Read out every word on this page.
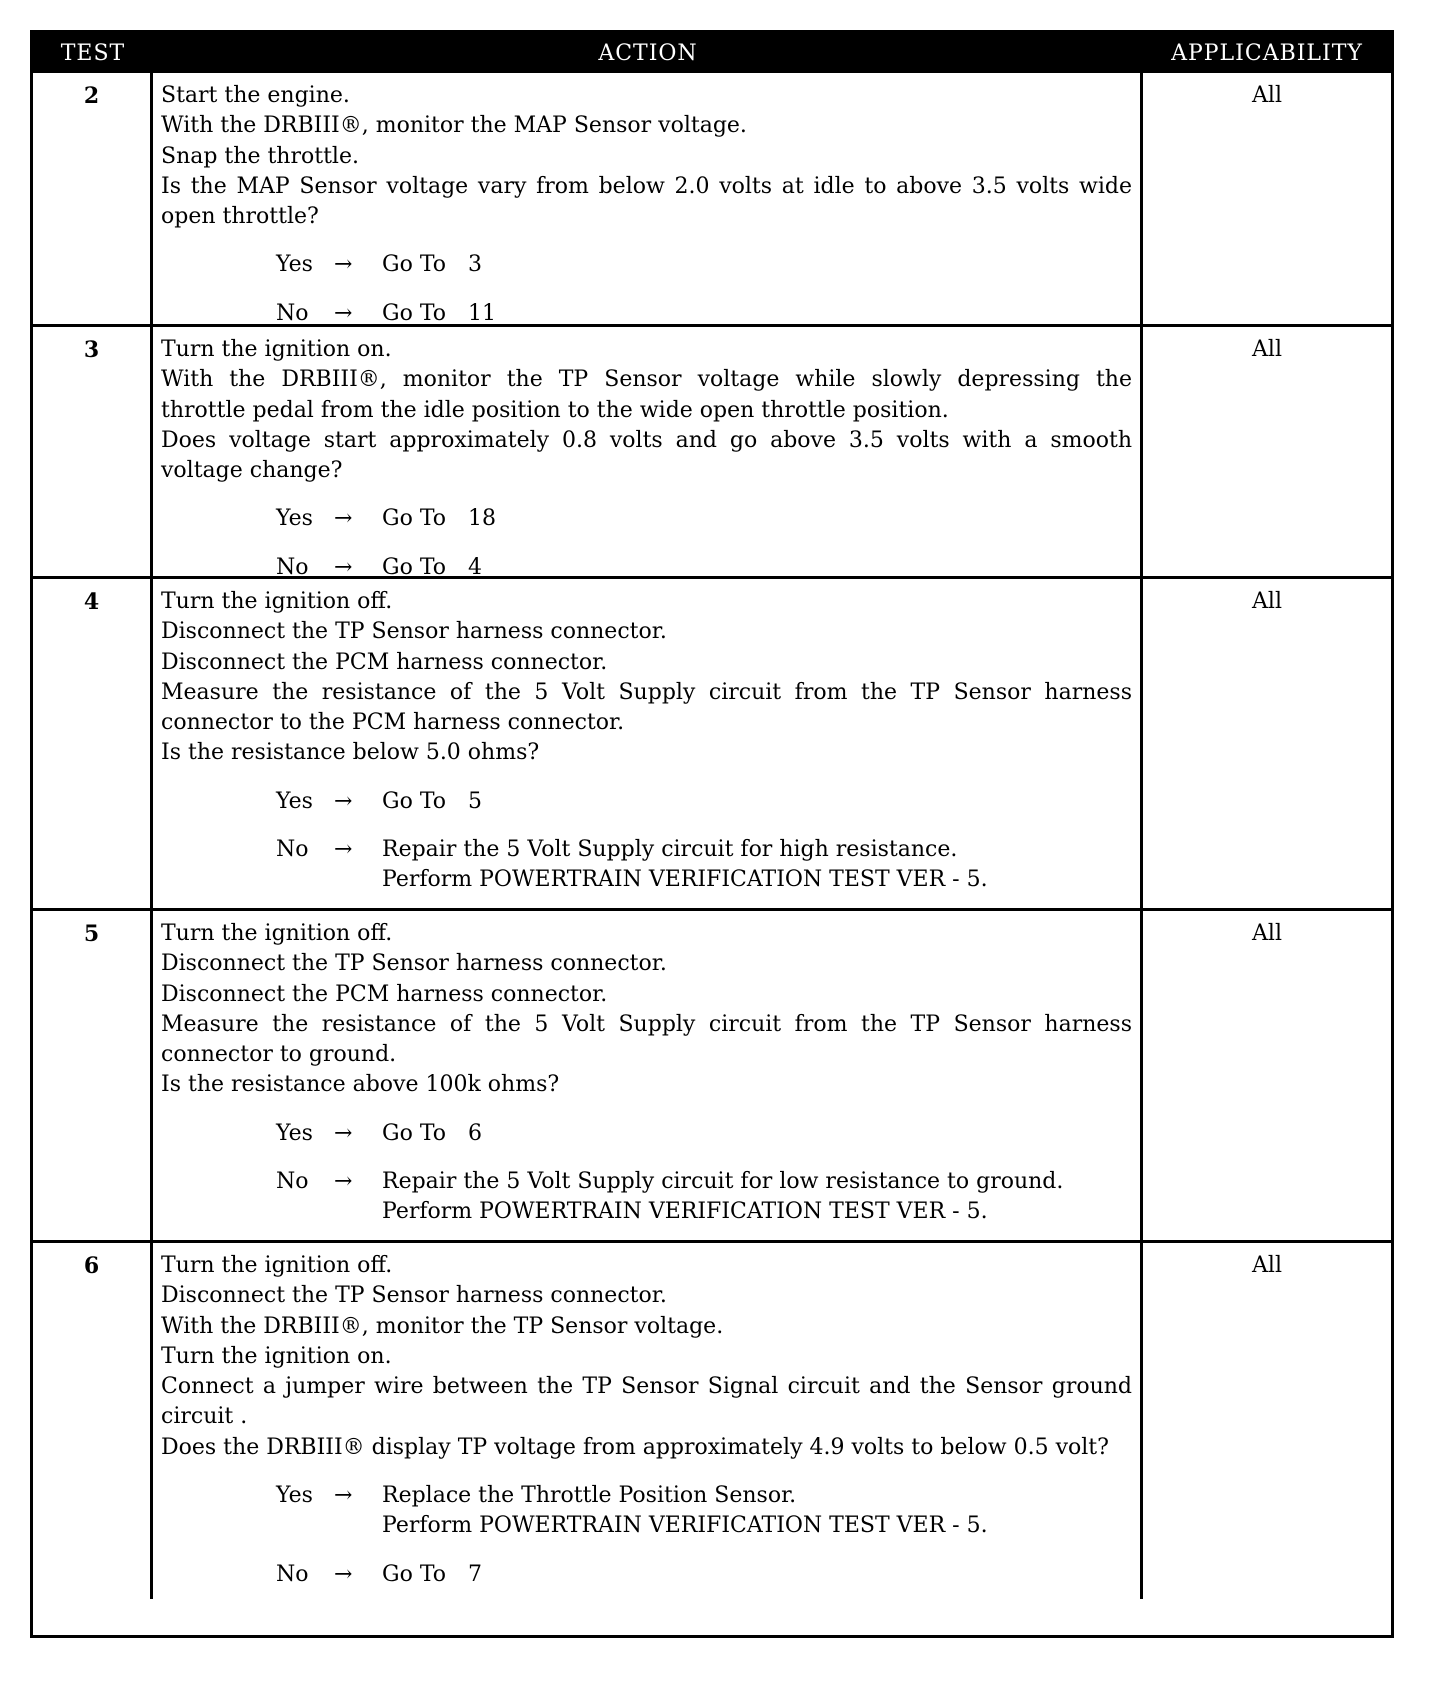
TEST	ACTION	APPLICABILITY
2	Start the engine.
With the DRBIII®, monitor the MAP Sensor voltage.
Snap the throttle.
Is the MAP Sensor voltage vary from below 2.0 volts at idle to above 3.5 volts wide
open throttle?
Yes →	Go To 3
No	→	Go To 11
All
3	Turn the ignition on.
With the DRBIII®, monitor the TP Sensor voltage while slowly depressing the
throttle pedal from the idle position to the wide open throttle position.
Does voltage start approximately 0.8 volts and go above 3.5 volts with a smooth
voltage change?
Yes →	Go To 18
No	→	Go To 4
All
4	Turn the ignition off.
Disconnect the TP Sensor harness connector.
Disconnect the PCM harness connector.
Measure the resistance of the 5 Volt Supply circuit from the TP Sensor harness
connector to the PCM harness connector.
Is the resistance below 5.0 ohms?
Yes →	Go To 5
No	→	Repair the 5 Volt Supply circuit for high resistance.
Perform POWERTRAIN VERIFICATION TEST VER - 5.
All
5	Turn the ignition off.
Disconnect the TP Sensor harness connector.
Disconnect the PCM harness connector.
Measure the resistance of the 5 Volt Supply circuit from the TP Sensor harness
connector to ground.
Is the resistance above 100k ohms?
Yes →	Go To 6
No	→	Repair the 5 Volt Supply circuit for low resistance to ground.
Perform POWERTRAIN VERIFICATION TEST VER - 5.
All
6	Turn the ignition off.
Disconnect the TP Sensor harness connector.
With the DRBIII®, monitor the TP Sensor voltage.
Turn the ignition on.
Connect a jumper wire between the TP Sensor Signal circuit and the Sensor ground
circuit .
Does the DRBIII® display TP voltage from approximately 4.9 volts to below 0.5 volt?
Yes →	Replace the Throttle Position Sensor.
Perform POWERTRAIN VERIFICATION TEST VER - 5.
No	→	Go To 7
All
